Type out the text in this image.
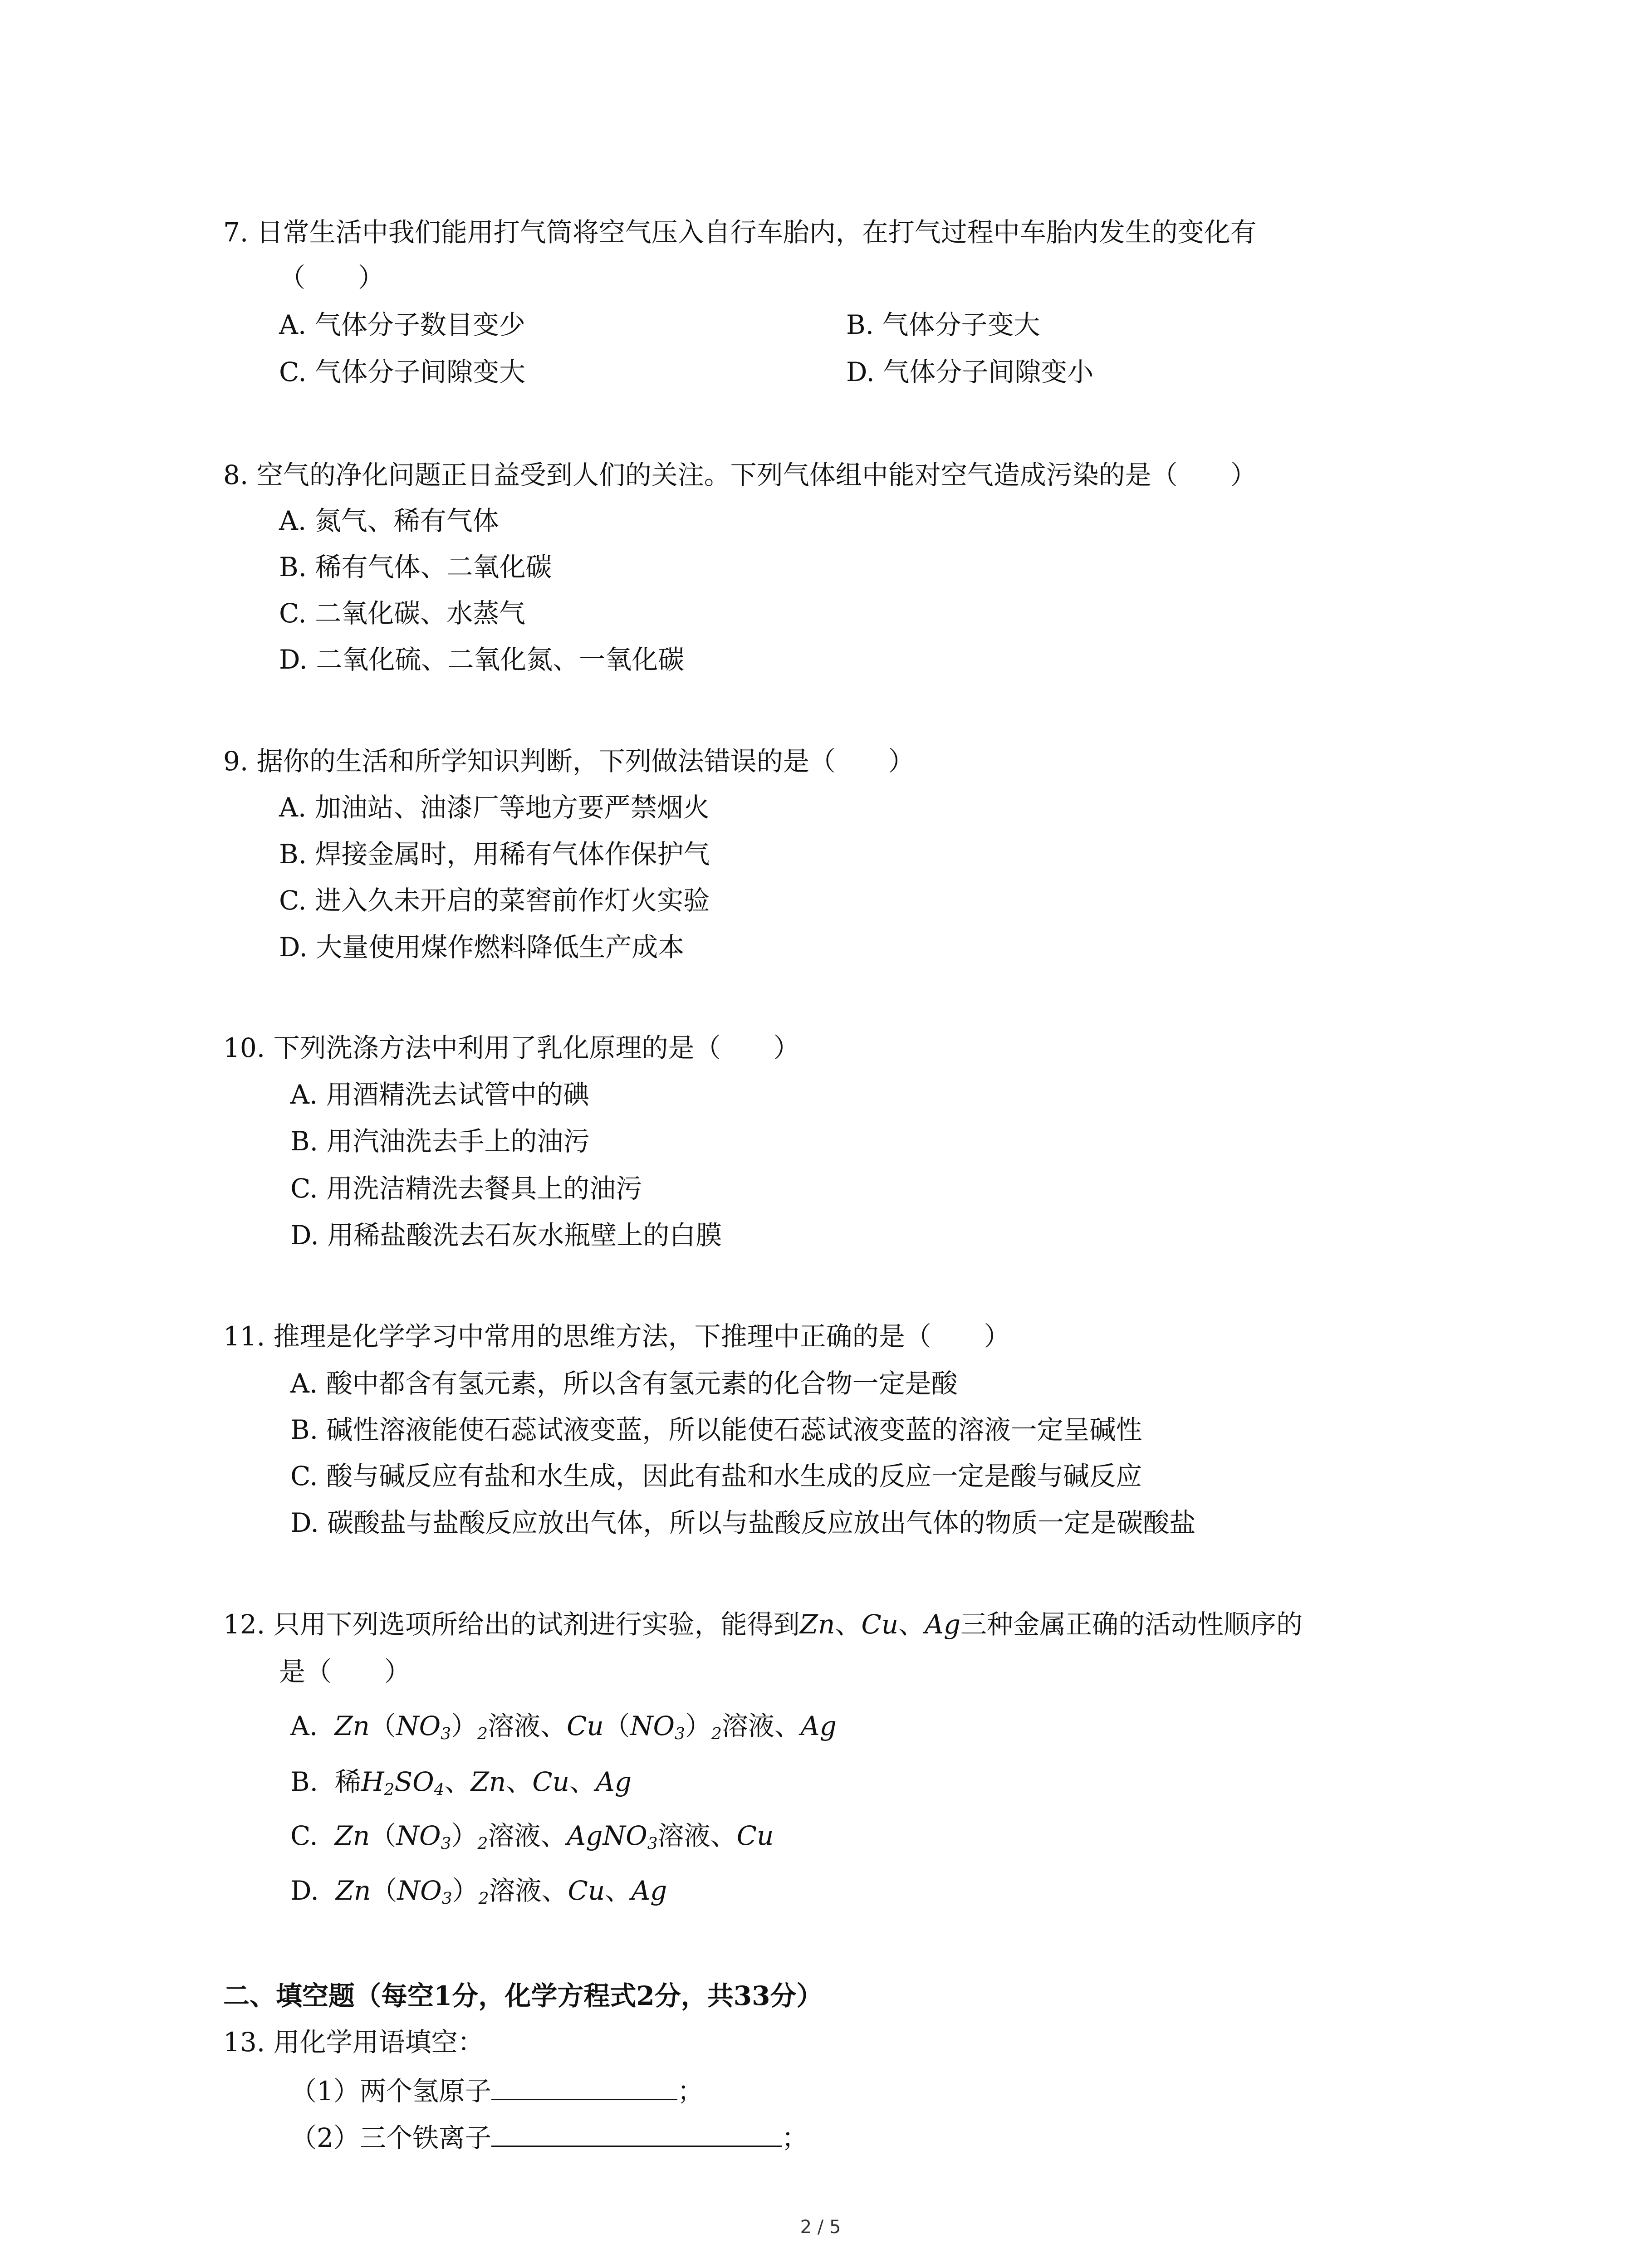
7. 日常生活中我们能用打气筒将空气压入自行车胎内，在打气过程中车胎内发生的变化有
（　　）
A. 气体分子数目变少	B. 气体分子变大
C. 气体分子间隙变大	D. 气体分子间隙变小
8. 空气的净化问题正日益受到人们的关注。下列气体组中能对空气造成污染的是（　　）
A. 氮气、稀有气体
B. 稀有气体、二氧化碳
C. 二氧化碳、水蒸气
D. 二氧化硫、二氧化氮、一氧化碳
9. 据你的生活和所学知识判断，下列做法错误的是（　　）
A. 加油站、油漆厂等地方要严禁烟火
B. 焊接金属时，用稀有气体作保护气
C. 进入久未开启的菜窖前作灯火实验
D. 大量使用煤作燃料降低生产成本
10. 下列洗涤方法中利用了乳化原理的是（　　）
A. 用酒精洗去试管中的碘
B. 用汽油洗去手上的油污
C. 用洗洁精洗去餐具上的油污
D. 用稀盐酸洗去石灰水瓶壁上的白膜
11. 推理是化学学习中常用的思维方法，下推理中正确的是（　　）
A. 酸中都含有氢元素，所以含有氢元素的化合物一定是酸
B. 碱性溶液能使石蕊试液变蓝，所以能使石蕊试液变蓝的溶液一定呈碱性
C. 酸与碱反应有盐和水生成，因此有盐和水生成的反应一定是酸与碱反应
D. 碳酸盐与盐酸反应放出气体，所以与盐酸反应放出气体的物质一定是碳酸盐
12. 只用下列选项所给出的试剂进行实验，能得到Zn、Cu、Ag三种金属正确的活动性顺序的
是（　　）
A. $Zn(NO_3)_2$溶液、$Cu(NO_3)_2$溶液、Ag
B. 稀$H_2SO_4$、Zn、Cu、Ag
C. $Zn(NO_3)_2$溶液、AgNO$_3$溶液、Cu
D. $Zn(NO_3)_2$溶液、Cu、Ag
二、填空题（每空1分，化学方程式2分，共33分）
13. 用化学用语填空：
（1）两个氢原子	；
（2）三个铁离子	；
2 / 5
